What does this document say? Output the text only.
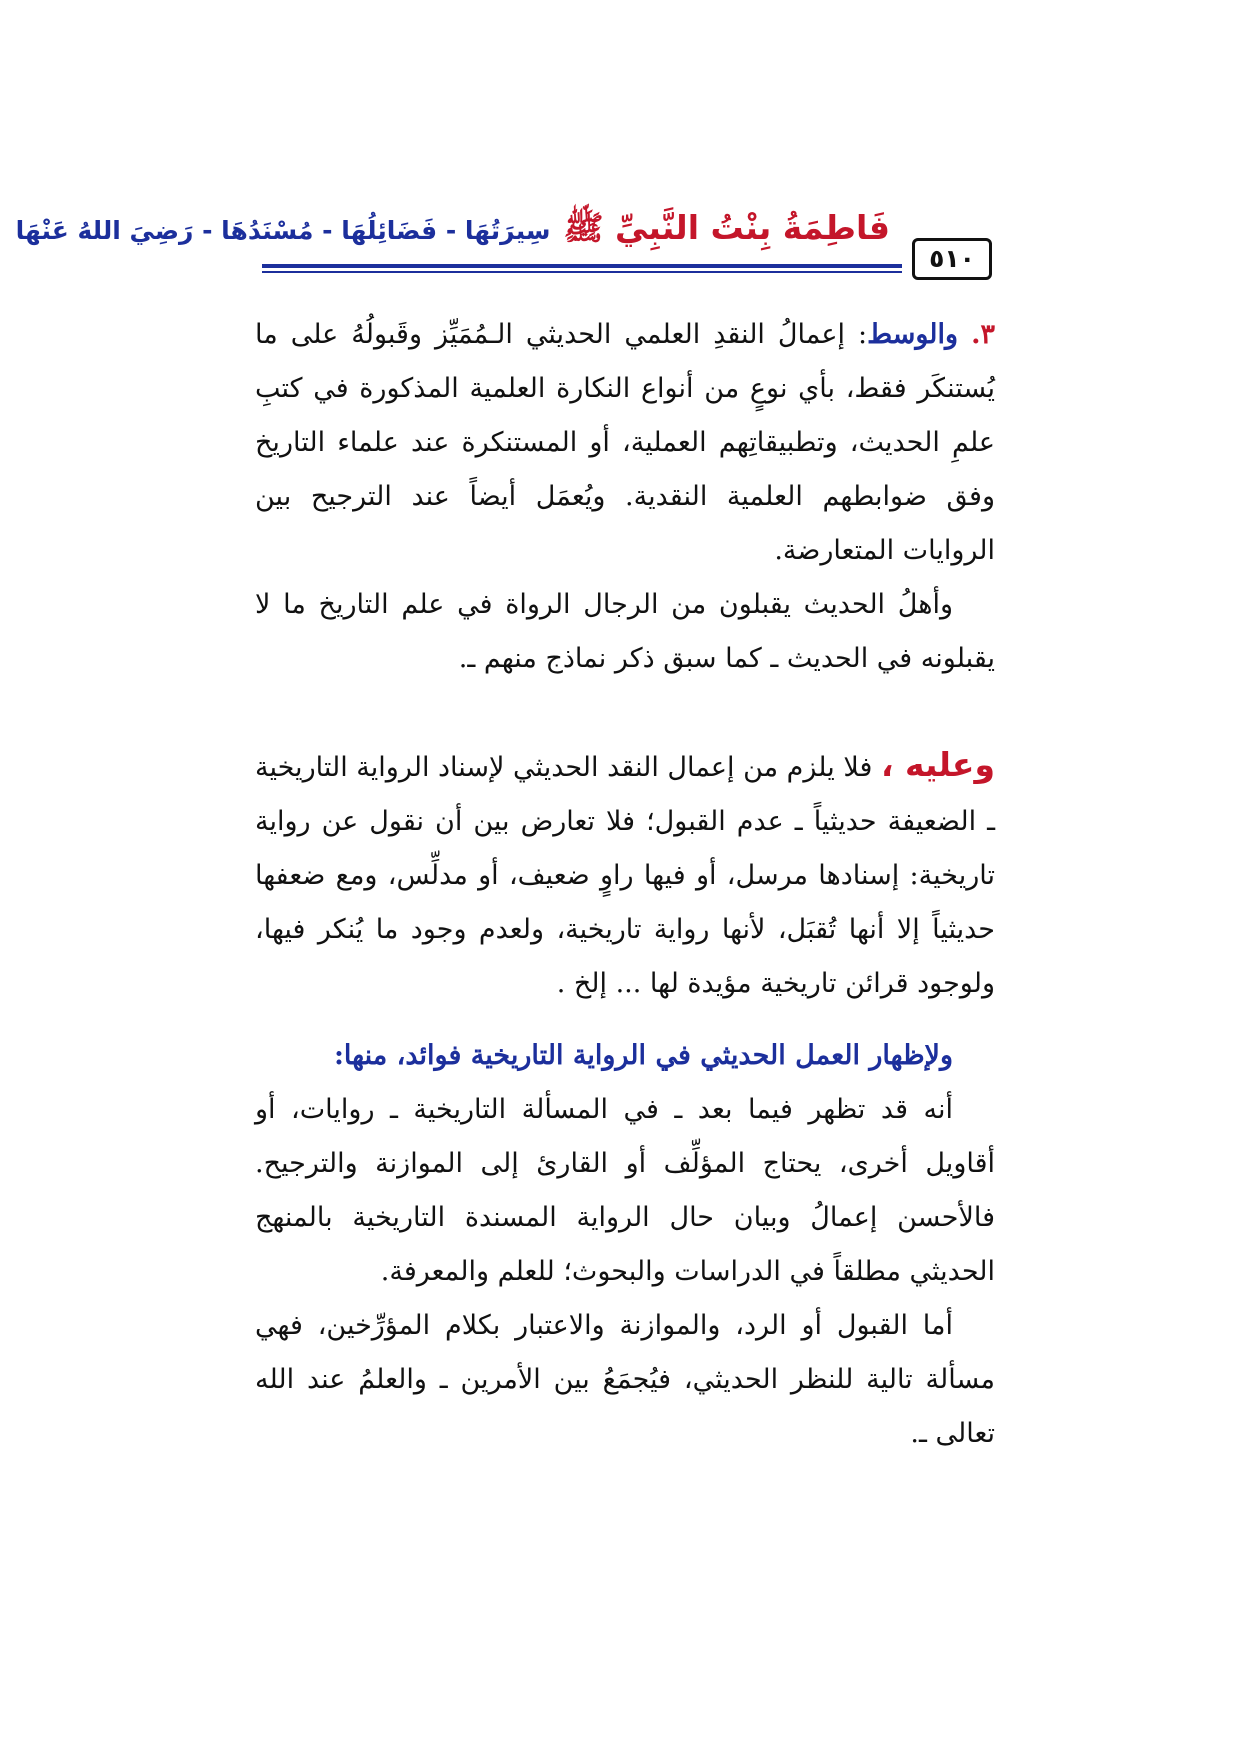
٥١٠
فَاطِمَةُ بِنْتُ النَّبِيِّ ﷺ سِيرَتُهَا - فَضَائِلُهَا - مُسْنَدُهَا - رَضِيَ اللهُ عَنْهَا

٣. والوسط: إعمالُ النقدِ العلمي الحديثي الـمُمَيِّز وقَبولُهُ على ما يُستنكَر فقط، بأي نوعٍ من أنواع النكارة العلمية المذكورة في كتبِ علمِ الحديث، وتطبيقاتِهم العملية، أو المستنكرة عند علماء التاريخ وفق ضوابطهم العلمية النقدية. ويُعمَل أيضاً عند الترجيح بين الروايات المتعارضة.

وأهلُ الحديث يقبلون من الرجال الرواة في علم التاريخ ما لا يقبلونه في الحديث ـ كما سبق ذكر نماذج منهم ـ.

وعليه ، فلا يلزم من إعمال النقد الحديثي لإسناد الرواية التاريخية ـ الضعيفة حديثياً ـ عدم القبول؛ فلا تعارض بين أن نقول عن رواية تاريخية: إسنادها مرسل، أو فيها راوٍ ضعيف، أو مدلِّس، ومع ضعفها حديثياً إلا أنها تُقبَل، لأنها رواية تاريخية، ولعدم وجود ما يُنكر فيها، ولوجود قرائن تاريخية مؤيدة لها ... إلخ .

ولإظهار العمل الحديثي في الرواية التاريخية فوائد، منها:

أنه قد تظهر فيما بعد ـ في المسألة التاريخية ـ روايات، أو أقاويل أخرى، يحتاج المؤلِّف أو القارئ إلى الموازنة والترجيح. فالأحسن إعمالُ وبيان حال الرواية المسندة التاريخية بالمنهج الحديثي مطلقاً في الدراسات والبحوث؛ للعلم والمعرفة.

أما القبول أو الرد، والموازنة والاعتبار بكلام المؤرِّخين، فهي مسألة تالية للنظر الحديثي، فيُجمَعُ بين الأمرين ـ والعلمُ عند الله تعالى ـ.
